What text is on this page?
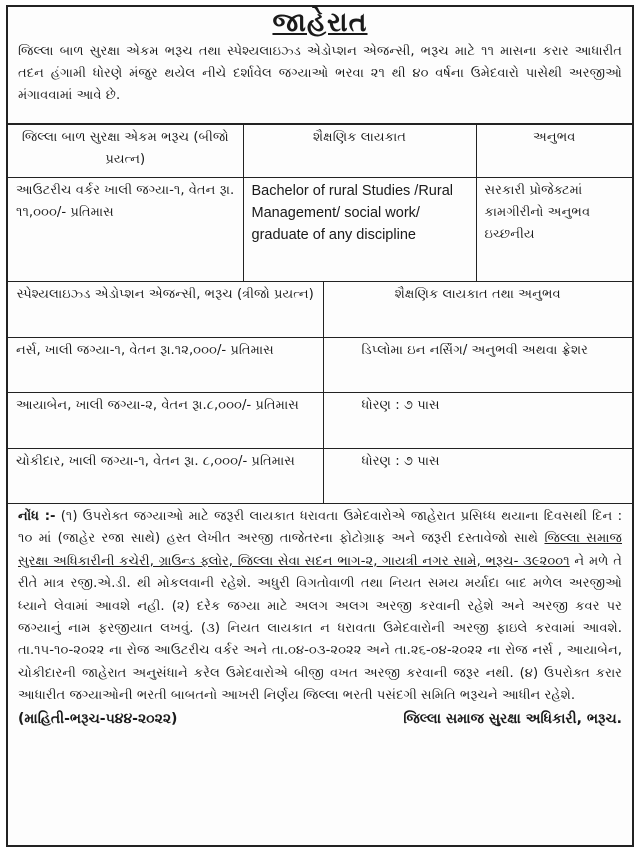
જાહેરાત
જિલ્લા બાળ સુરક્ષા એકમ ભરૂચ તથા સ્પેશ્યલાઇઝ્ડ એડોપ્શન એજન્સી, ભરૂચ માટે ૧૧ માસના કરાર આધારીત તદન હંગામી ધોરણે મંજુર થયેલ નીચે દર્શાવેલ જગ્યાઓ ભરવા ૨૧ થી ૪૦ વર્ષના ઉમેદવારો પાસેથી અરજીઓ મંગાવવામાં આવે છે.
જિલ્લા બાળ સુરક્ષા એકમ ભરૂચ (બીજો પ્રયત્ન)	શૈક્ષણિક લાયકાત	અનુભવ
આઉટરીચ વર્કર ખાલી જગ્યા-૧, વેતન રૂા. ૧૧,૦૦૦/- પ્રતિમાસ	Bachelor of rural Studies /Rural Management/ social work/ graduate of any discipline	સરકારી પ્રોજેક્ટમાં કામગીરીનો અનુભવ ઇચ્છનીય
સ્પેશ્યલાઇઝ્ડ એડોપ્શન એજન્સી, ભરૂચ (ત્રીજો પ્રયત્ન)	શૈક્ષણિક લાયકાત તથા અનુભવ
નર્સ, ખાલી જગ્યા-૧, વેતન રૂા.૧૨,૦૦૦/- પ્રતિમાસ	ડિપ્લોમા ઇન નર્સિંગ/ અનુભવી અથવા ફ્રેશર
આયાબેન, ખાલી જગ્યા-૨, વેતન રૂા.૮,૦૦૦/- પ્રતિમાસ	ધોરણ : ૭ પાસ
ચોકીદાર, ખાલી જગ્યા-૧, વેતન રૂા. ૮,૦૦૦/- પ્રતિમાસ	ધોરણ : ૭ પાસ
નોંધ :- (૧) ઉપરોક્ત જગ્યાઓ માટે જરૂરી લાયકાત ધરાવતા ઉમેદવારોએ જાહેરાત પ્રસિધ્ધ થયાના દિવસથી દિન : ૧૦ માં (જાહેર રજા સાથે) હસ્ત લેખીત અરજી તાજેતરના ફોટોગ્રાફ અને જરૂરી દસ્તાવેજો સાથે જિલ્લા સમાજ સુરક્ષા અધિકારીની કચેરી, ગ્રાઉન્ડ ફ્લોર, જિલ્લા સેવા સદન ભાગ-૨, ગાયત્રી નગર સામે, ભરૂચ- ૩૯૨૦૦૧ ને મળે તે રીતે માત્ર રજી.એ.ડી. થી મોકલવાની રહેશે. અધુરી વિગતોવાળી તથા નિયત સમય મર્યાદા બાદ મળેલ અરજીઓ ધ્યાને લેવામાં આવશે નહી. (૨) દરેક જગ્યા માટે અલગ અલગ અરજી કરવાની રહેશે અને અરજી કવર પર જગ્યાનું નામ ફરજીયાત લખવું. (૩) નિયત લાયકાત ન ધરાવતા ઉમેદવારોની અરજી ફાઇલે કરવામાં આવશે. તા.૧૫-૧૦-૨૦૨૨ ના રોજ આઉટરીચ વર્કર અને તા.૦૪-૦૩-૨૦૨૨ અને તા.૨૬-૦૪-૨૦૨૨ ના રોજ નર્સ , આયાબેન, ચોકીદારની જાહેરાત અનુસંધાને કરેલ ઉમેદવારોએ બીજી વખત અરજી કરવાની જરૂર નથી. (૪) ઉપરોક્ત કરાર આધારીત જગ્યાઓની ભરતી બાબતનો આખરી નિર્ણય જિલ્લા ભરતી પસંદગી સમિતિ ભરૂચને આધીન રહેશે.
(માહિતી-ભરૂચ-૫૪૪-૨૦૨૨)	જિલ્લા સમાજ સુરક્ષા અધિકારી, ભરૂચ.
